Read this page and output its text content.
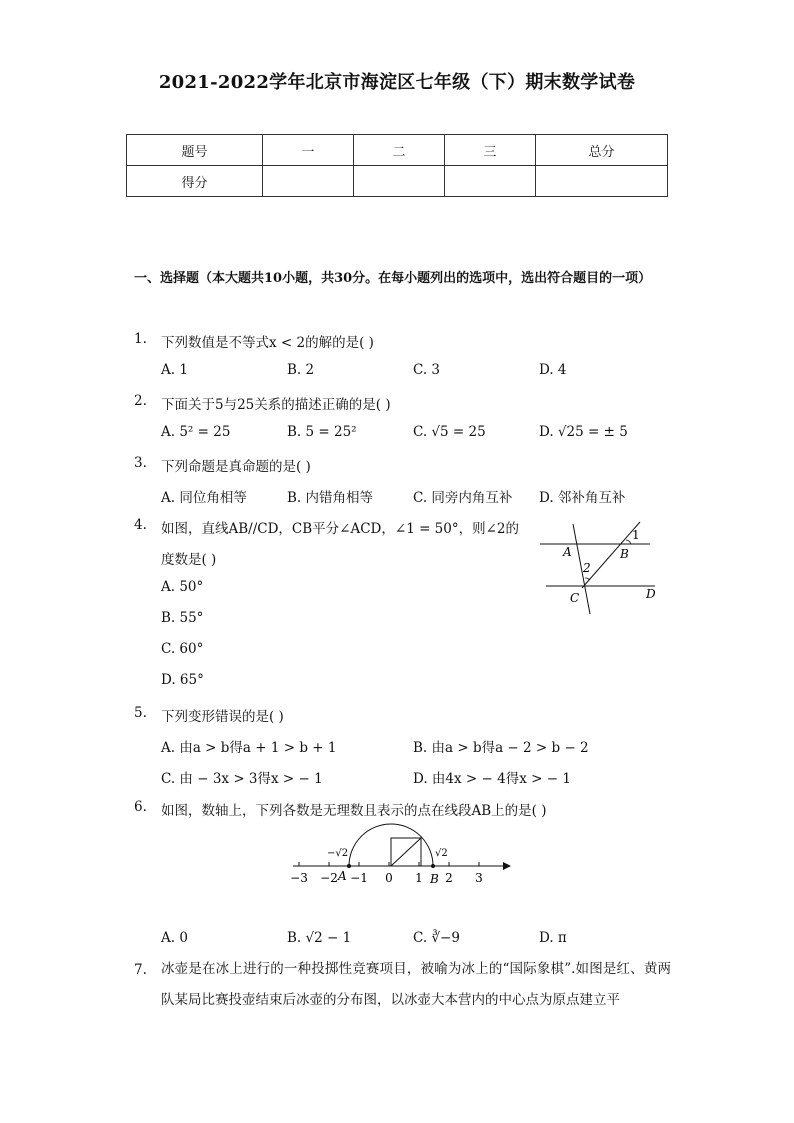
2021-2022学年北京市海淀区七年级（下）期末数学试卷
题号	一	二	三	总分
得分				
一、选择题（本大题共10小题，共30分。在每小题列出的选项中，选出符合题目的一项）
1. 下列数值是不等式x < 2的解的是( )
A. 1	B. 2	C. 3	D. 4
2. 下面关于5与25关系的描述正确的是( )
A. 5² = 25	B. 5 = 25²	C. √5 = 25	D. √25 = ± 5
3. 下列命题是真命题的是( )
A. 同位角相等	B. 内错角相等	C. 同旁内角互补 D. 邻补角互补
4. 如图，直线AB//CD，CB平分∠ACD，∠1 = 50°，则∠2的
度数是( )
A. 50°
B. 55°
C. 60°
D. 65°
1
A	B
2
C	D
5. 下列变形错误的是( )
A. 由a > b得a + 1 > b + 1	B. 由a > b得a − 2 > b − 2
C. 由 − 3x > 3得x > − 1	D. 由4x > − 4得x > − 1
6. 如图，数轴上，下列各数是无理数且表示的点在线段AB上的是( )
−3 −2 −1 0 1 2 3
A	B
−√2	√2
A. 0	B. √2 − 1	C. ∛−9	D. π
7. 冰壶是在冰上进行的一种投掷性竞赛项目，被喻为冰上的“国际象棋”.如图是红、黄两队某局比赛投壶结束后冰壶的分布图，以冰壶大本营内的中心点为原点建立平
